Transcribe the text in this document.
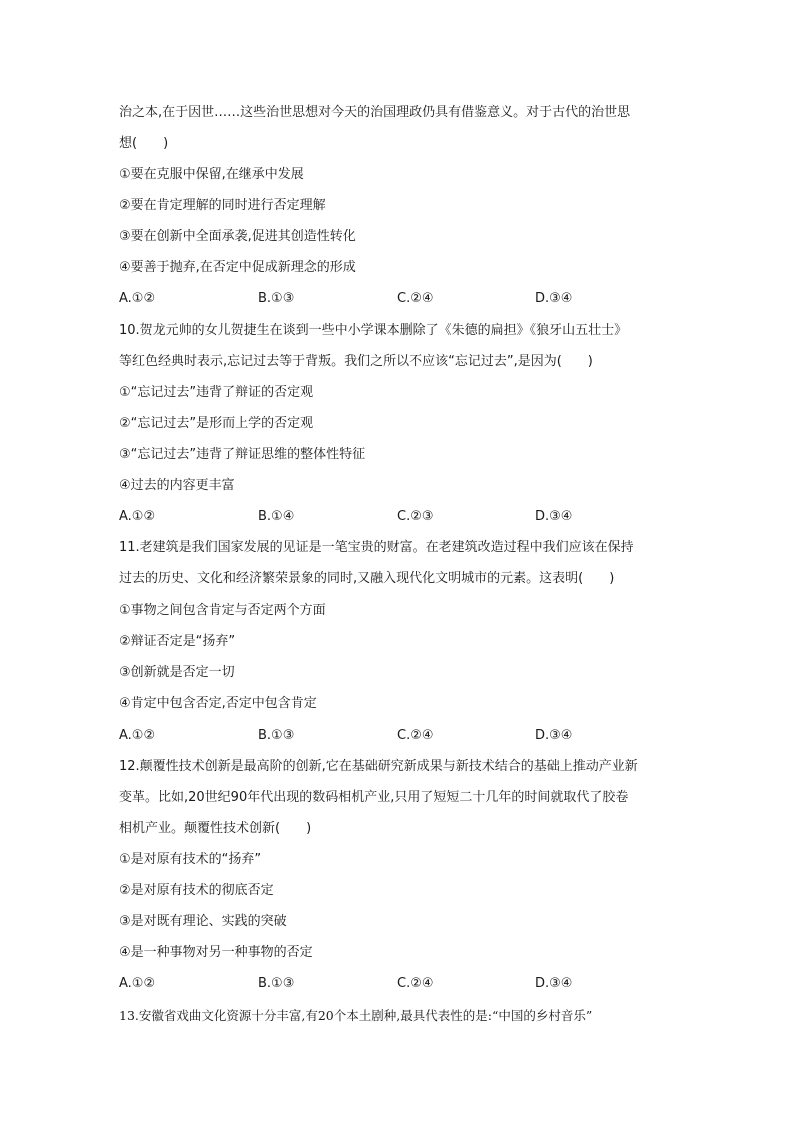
治之本,在于因世……这些治世思想对今天的治国理政仍具有借鉴意义。对于古代的治世思
想(　　)
①要在克服中保留,在继承中发展
②要在肯定理解的同时进行否定理解
③要在创新中全面承袭,促进其创造性转化
④要善于抛弃,在否定中促成新理念的形成
A.①②	B.①③	C.②④	D.③④
10.贺龙元帅的女儿贺捷生在谈到一些中小学课本删除了《朱德的扁担》《狼牙山五壮士》
等红色经典时表示,忘记过去等于背叛。我们之所以不应该“忘记过去”,是因为(　　)
①“忘记过去”违背了辩证的否定观
②“忘记过去”是形而上学的否定观
③“忘记过去”违背了辩证思维的整体性特征
④过去的内容更丰富
A.①②	B.①④	C.②③	D.③④
11.老建筑是我们国家发展的见证是一笔宝贵的财富。在老建筑改造过程中我们应该在保持
过去的历史、文化和经济繁荣景象的同时,又融入现代化文明城市的元素。这表明(　　)
①事物之间包含肯定与否定两个方面
②辩证否定是“扬弃”
③创新就是否定一切
④肯定中包含否定,否定中包含肯定
A.①②	B.①③	C.②④	D.③④
12.颠覆性技术创新是最高阶的创新,它在基础研究新成果与新技术结合的基础上推动产业新
变革。比如,20世纪90年代出现的数码相机产业,只用了短短二十几年的时间就取代了胶卷
相机产业。颠覆性技术创新(　　)
①是对原有技术的“扬弃”
②是对原有技术的彻底否定
③是对既有理论、实践的突破
④是一种事物对另一种事物的否定
A.①②	B.①③	C.②④	D.③④
13.安徽省戏曲文化资源十分丰富,有20个本土剧种,最具代表性的是:“中国的乡村音乐”
